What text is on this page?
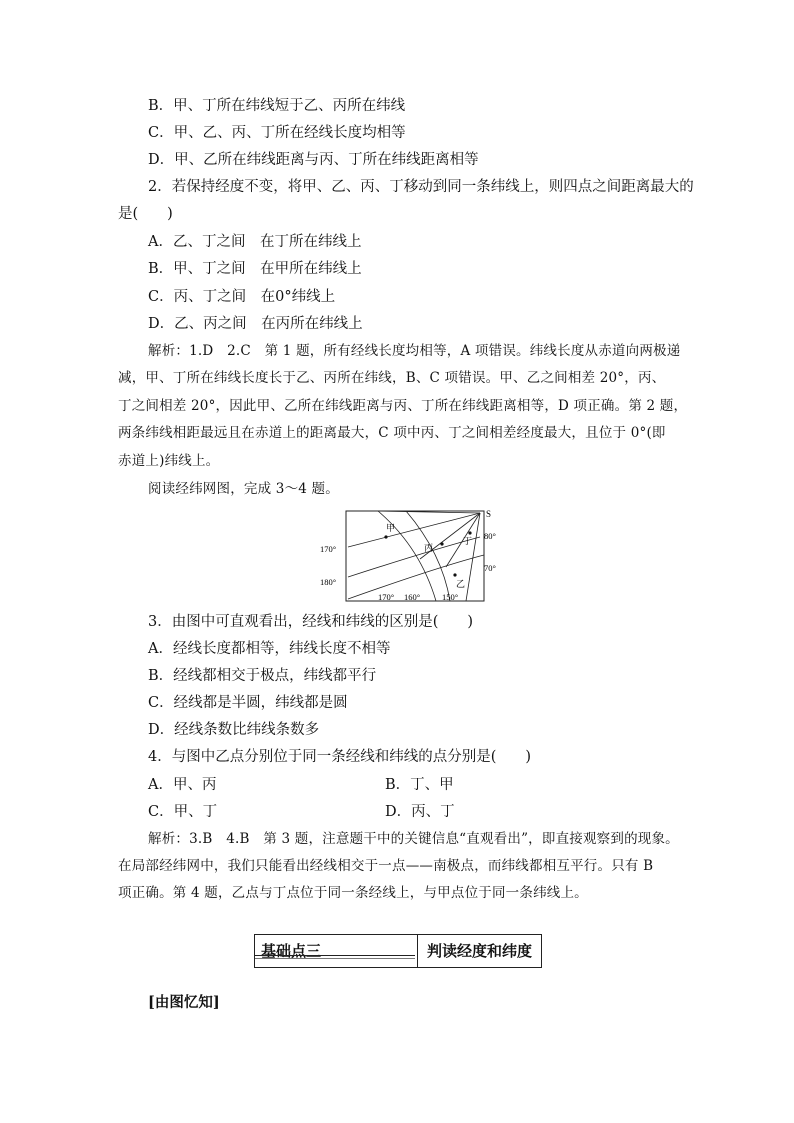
B．甲、丁所在纬线短于乙、丙所在纬线
C．甲、乙、丙、丁所在经线长度均相等
D．甲、乙所在纬线距离与丙、丁所在纬线距离相等
2．若保持经度不变，将甲、乙、丙、丁移动到同一条纬线上，则四点之间距离最大的
是(　　)
A．乙、丁之间　在丁所在纬线上
B．甲、丁之间　在甲所在纬线上
C．丙、丁之间　在0°纬线上
D．乙、丙之间　在丙所在纬线上
解析：1.D　2.C　第 1 题，所有经线长度均相等，A 项错误。纬线长度从赤道向两极递
减，甲、丁所在纬线长度长于乙、丙所在纬线，B、C 项错误。甲、乙之间相差 20°，丙、
丁之间相差 20°，因此甲、乙所在纬线距离与丙、丁所在纬线距离相等，D 项正确。第 2 题，
两条纬线相距最远且在赤道上的距离最大，C 项中丙、丁之间相差经度最大，且位于 0°(即
赤道上)纬线上。
阅读经纬网图，完成 3～4 题。
S
甲
丙
丁
乙
170°
180°
80°
70°
170° 160°	150°
3．由图中可直观看出，经线和纬线的区别是(　　)
A．经线长度都相等，纬线长度不相等
B．经线都相交于极点，纬线都平行
C．经线都是半圆，纬线都是圆
D．经线条数比纬线条数多
4．与图中乙点分别位于同一条经线和纬线的点分别是(　　)
A．甲、丙	B．丁、甲
C．甲、丁	D．丙、丁
解析：3.B　4.B　第 3 题，注意题干中的关键信息“直观看出”，即直接观察到的现象。
在局部经纬网中，我们只能看出经线相交于一点——南极点，而纬线都相互平行。只有 B
项正确。第 4 题，乙点与丁点位于同一条经线上，与甲点位于同一条纬线上。
基础点三	判读经度和纬度
[由图忆知]
